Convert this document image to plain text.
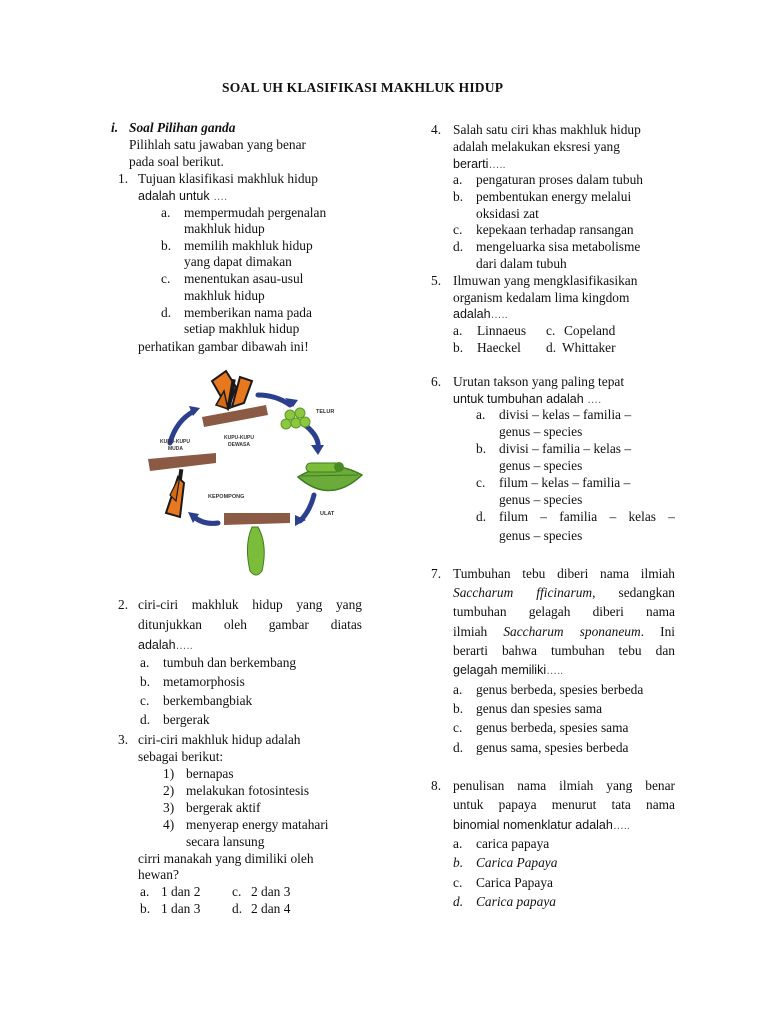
SOAL UH KLASIFIKASI MAKHLUK HIDUP
i. Soal Pilihan ganda
Pilihlah satu jawaban yang benar
pada soal berikut.
1. Tujuan klasifikasi makhluk hidup
adalah untuk ….
a. mempermudah pergenalan
makhluk hidup
b. memilih makhluk hidup
yang dapat dimakan
c. menentukan asau-usul
makhluk hidup
d. memberikan nama pada
setiap makhluk hidup
perhatikan gambar dibawah ini!
TELUR
ULAT
KEPOMPONG
KUPU-KUPU
MUDA
KUPU-KUPU
DEWASA
2. ciri-ciri makhluk hidup yang yang
ditunjukkan oleh gambar diatas
adalah…..
a. tumbuh dan berkembang
b. metamorphosis
c. berkembangbiak
d. bergerak
3. ciri-ciri makhluk hidup adalah
sebagai berikut:
1) bernapas
2) melakukan fotosintesis
3) bergerak aktif
4) menyerap energy matahari
secara lansung
cirri manakah yang dimiliki oleh
hewan?
a. 1 dan 2 c. 2 dan 3
b. 1 dan 3 d. 2 dan 4
4. Salah satu ciri khas makhluk hidup
adalah melakukan eksresi yang
berarti…..
a. pengaturan proses dalam tubuh
b. pembentukan energy melalui
oksidasi zat
c. kepekaan terhadap ransangan
d. mengeluarka sisa metabolisme
dari dalam tubuh
5. Ilmuwan yang mengklasifikasikan
organism kedalam lima kingdom
adalah…..
a. Linnaeus c. Copeland
b. Haeckel d. Whittaker
6. Urutan takson yang paling tepat
untuk tumbuhan adalah ….
a. divisi – kelas – familia –
genus – species
b. divisi – familia – kelas –
genus – species
c. filum – kelas – familia –
genus – species
d. filum – familia – kelas –
genus – species
7. Tumbuhan tebu diberi nama ilmiah
Saccharum fficinarum, sedangkan
tumbuhan gelagah diberi nama
ilmiah Saccharum sponaneum. Ini
berarti bahwa tumbuhan tebu dan
gelagah memiliki…..
a. genus berbeda, spesies berbeda
b. genus dan spesies sama
c. genus berbeda, spesies sama
d. genus sama, spesies berbeda
8. penulisan nama ilmiah yang benar
untuk papaya menurut tata nama
binomial nomenklatur adalah…..
a. carica papaya
b. Carica Papaya
c. Carica Papaya
d. Carica papaya
